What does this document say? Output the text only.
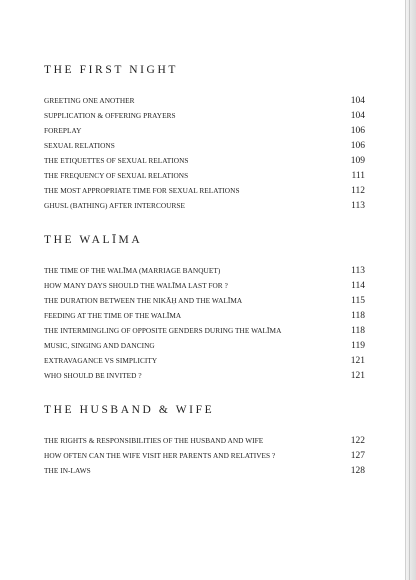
THE FIRST NIGHT
GREETING ONE ANOTHER	104
SUPPLICATION & OFFERING PRAYERS	104
FOREPLAY	106
SEXUAL RELATIONS	106
THE ETIQUETTES OF SEXUAL RELATIONS	109
THE FREQUENCY OF SEXUAL RELATIONS	111
THE MOST APPROPRIATE TIME FOR SEXUAL RELATIONS	112
GHUSL (BATHING) AFTER INTERCOURSE	113
THE WALĪMA
THE TIME OF THE WALĪMA (MARRIAGE BANQUET)	113
HOW MANY DAYS SHOULD THE WALĪMA LAST FOR ?	114
THE DURATION BETWEEN THE NIKĀḤ AND THE WALĪMA	115
FEEDING AT THE TIME OF THE WALĪMA	118
THE INTERMINGLING OF OPPOSITE GENDERS DURING THE WALĪMA	118
MUSIC, SINGING AND DANCING	119
EXTRAVAGANCE VS SIMPLICITY	121
WHO SHOULD BE INVITED ?	121
THE HUSBAND & WIFE
THE RIGHTS & RESPONSIBILITIES OF THE HUSBAND AND WIFE	122
HOW OFTEN CAN THE WIFE VISIT HER PARENTS AND RELATIVES ?	127
THE IN-LAWS	128
